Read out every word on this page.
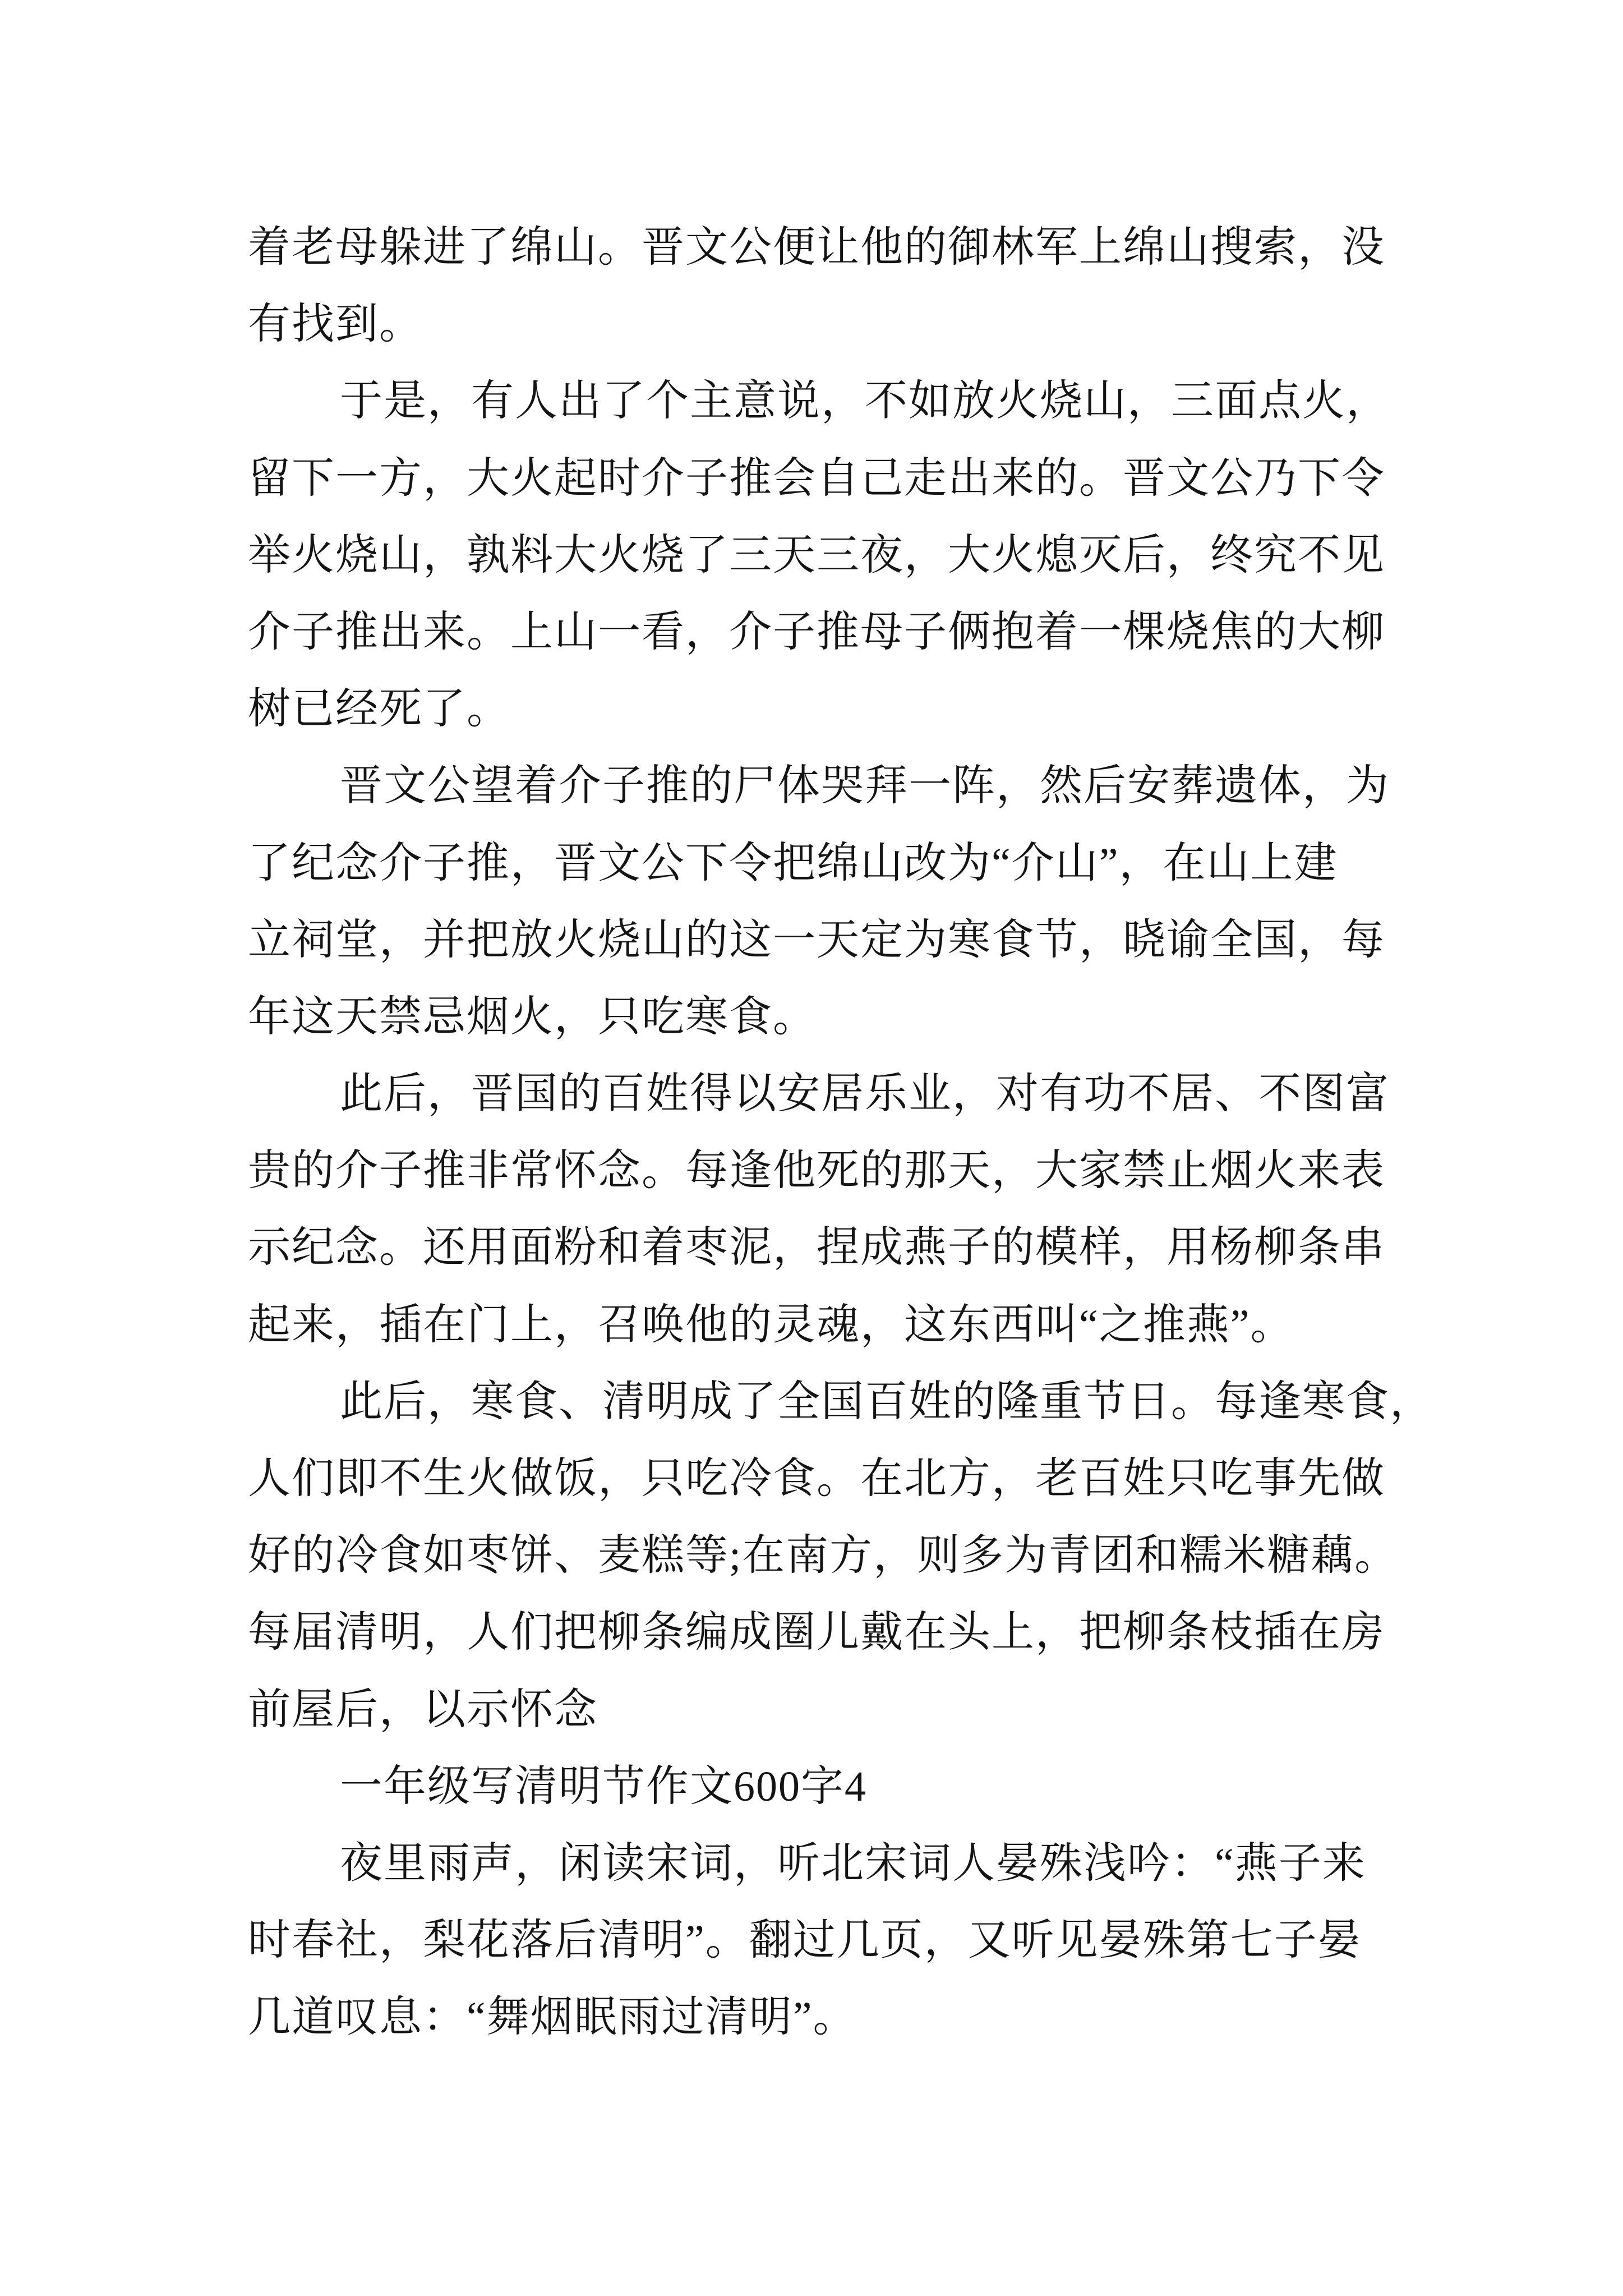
着老母躲进了绵山。晋文公便让他的御林军上绵山搜索，没
有找到。
于是，有人出了个主意说，不如放火烧山，三面点火，
留下一方，大火起时介子推会自己走出来的。晋文公乃下令
举火烧山，孰料大火烧了三天三夜，大火熄灭后，终究不见
介子推出来。上山一看，介子推母子俩抱着一棵烧焦的大柳
树已经死了。
晋文公望着介子推的尸体哭拜一阵，然后安葬遗体，为
了纪念介子推，晋文公下令把绵山改为“介山”，在山上建
立祠堂，并把放火烧山的这一天定为寒食节，晓谕全国，每
年这天禁忌烟火，只吃寒食。
此后，晋国的百姓得以安居乐业，对有功不居、不图富
贵的介子推非常怀念。每逢他死的那天，大家禁止烟火来表
示纪念。还用面粉和着枣泥，捏成燕子的模样，用杨柳条串
起来，插在门上，召唤他的灵魂，这东西叫“之推燕”。
此后，寒食、清明成了全国百姓的隆重节日。每逢寒食，
人们即不生火做饭，只吃冷食。在北方，老百姓只吃事先做
好的冷食如枣饼、麦糕等;在南方，则多为青团和糯米糖藕。
每届清明，人们把柳条编成圈儿戴在头上，把柳条枝插在房
前屋后，以示怀念
一年级写清明节作文600字4
夜里雨声，闲读宋词，听北宋词人晏殊浅吟：“燕子来
时春社，梨花落后清明”。翻过几页，又听见晏殊第七子晏
几道叹息：“舞烟眠雨过清明”。
